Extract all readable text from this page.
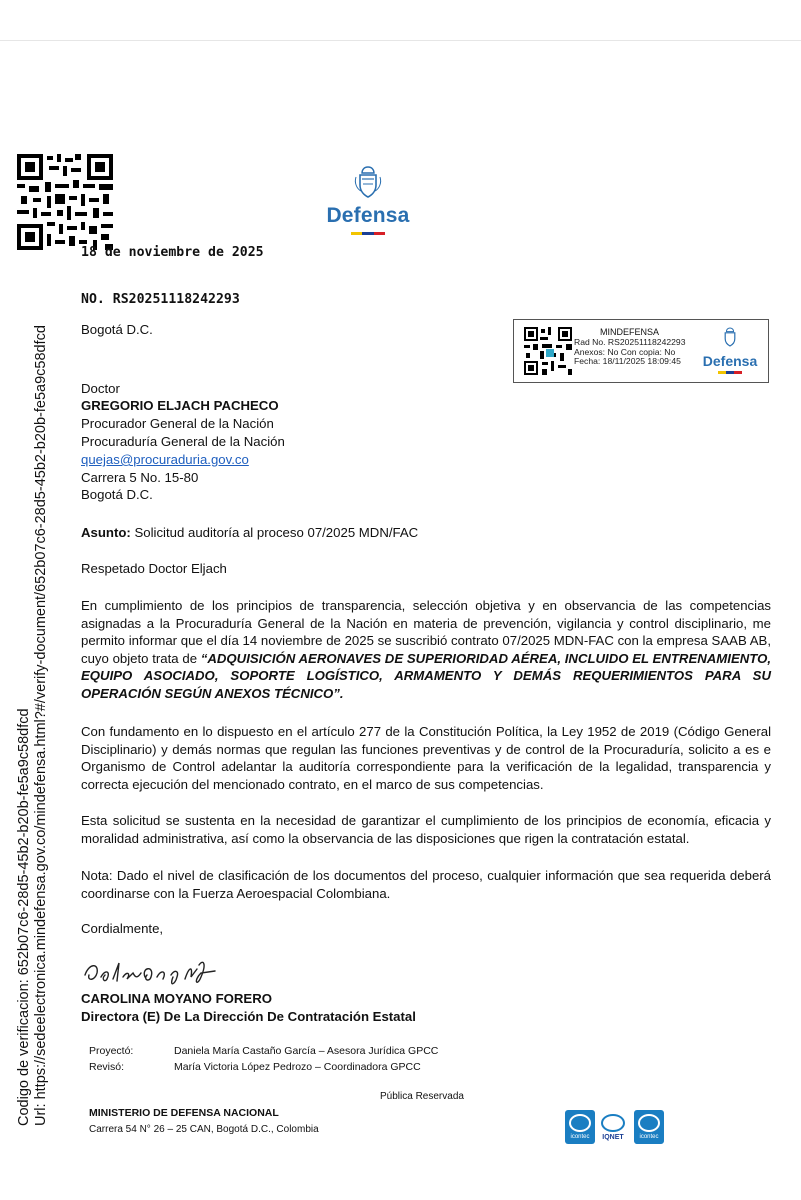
Defensa
18 de noviembre de 2025
NO. RS20251118242293
Bogotá D.C.	MINDEFENSA
Rad No. RS20251118242293
Anexos: No Con copia: No
Fecha: 18/11/2025 18:09:45	Defensa
Doctor
GREGORIO ELJACH PACHECO
Procurador General de la Nación
Procuraduría General de la Nación
quejas@procuraduria.gov.co
Carrera 5 No. 15-80
Bogotá D.C.
Asunto: Solicitud auditoría al proceso 07/2025 MDN/FAC
Respetado Doctor Eljach
En cumplimiento de los principios de transparencia, selección objetiva y en observancia de las competencias asignadas a la Procuraduría General de la Nación en materia de prevención, vigilancia y control disciplinario, me permito informar que el día 14 noviembre de 2025 se suscribió contrato 07/2025 MDN-FAC con la empresa SAAB AB, cuyo objeto trata de “ADQUISICIÓN AERONAVES DE SUPERIORIDAD AÉREA, INCLUIDO EL ENTRENAMIENTO, EQUIPO ASOCIADO, SOPORTE LOGÍSTICO, ARMAMENTO Y DEMÁS REQUERIMIENTOS PARA SU OPERACIÓN SEGÚN ANEXOS TÉCNICO”.
Con fundamento en lo dispuesto en el artículo 277 de la Constitución Política, la Ley 1952 de 2019 (Código General Disciplinario) y demás normas que regulan las funciones preventivas y de control de la Procuraduría, solicito a es e Organismo de Control adelantar la auditoría correspondiente para la verificación de la legalidad, transparencia y correcta ejecución del mencionado contrato, en el marco de sus competencias.
Esta solicitud se sustenta en la necesidad de garantizar el cumplimiento de los principios de economía, eficacia y moralidad administrativa, así como la observancia de las disposiciones que rigen la contratación estatal.
Nota: Dado el nivel de clasificación de los documentos del proceso, cualquier información que sea requerida deberá coordinarse con la Fuerza Aeroespacial Colombiana.
Cordialmente,
CAROLINA MOYANO FORERO
Directora (E) De La Dirección De Contratación Estatal
Proyectó:	Daniela María Castaño García – Asesora Jurídica GPCC
Revisó:	María Victoria López Pedrozo – Coordinadora GPCC
Pública Reservada
MINISTERIO DE DEFENSA NACIONAL
Carrera 54 N° 26 – 25 CAN, Bogotá D.C., Colombia
icontec IQNET	icontec
Codigo de verificacion: 652b07c6-28d5-45b2-b20b-fe5a9c58dfcd Url: https://sedeelectronica.mindefensa.gov.co/mindefensa.html?#/verify-document/652b07c6-28d5-45b2-b20b-fe5a9c58dfcd
